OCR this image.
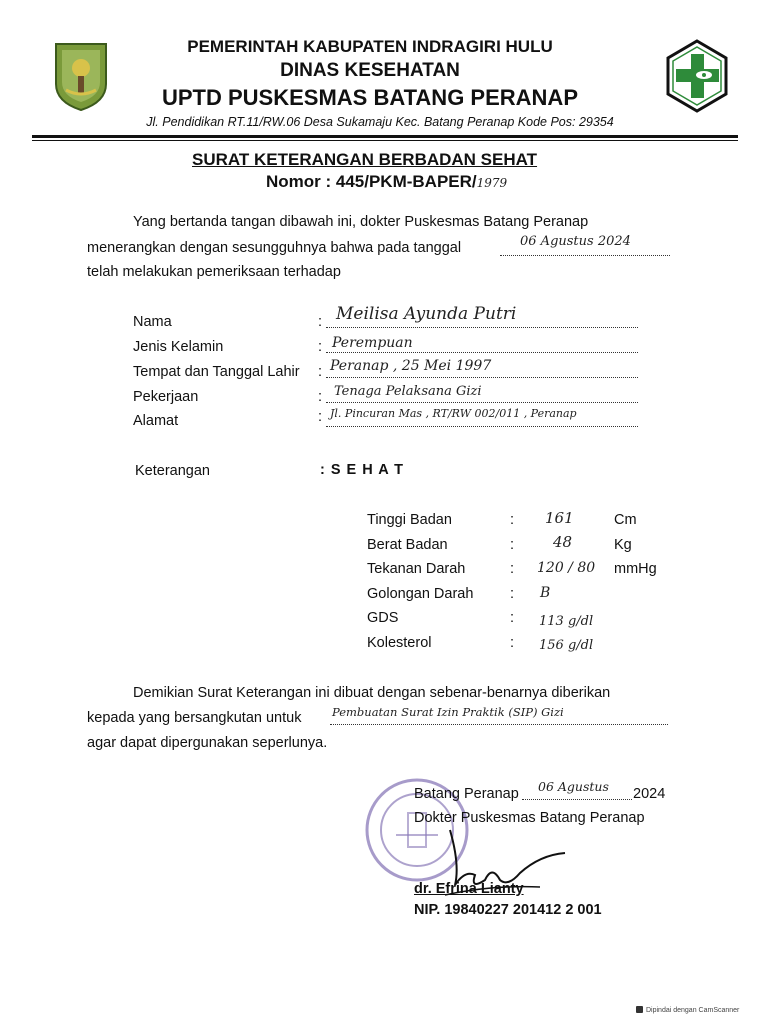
PEMERINTAH KABUPATEN INDRAGIRI HULU
DINAS KESEHATAN
UPTD PUSKESMAS BATANG PERANAP
Jl. Pendidikan RT.11/RW.06 Desa Sukamaju Kec. Batang Peranap Kode Pos: 29354
SURAT KETERANGAN BERBADAN SEHAT
Nomor : 445/PKM-BAPER/1979
Yang bertanda tangan dibawah ini, dokter Puskesmas Batang Peranap
menerangkan dengan sesungguhnya bahwa pada tanggal	06 Agustus 2024
telah melakukan pemeriksaan terhadap
Nama	: Meilisa Ayunda Putri
Jenis Kelamin	: Perempuan
Tempat dan Tanggal Lahir : Peranap , 25 Mei 1997
Pekerjaan	: Tenaga Pelaksana Gizi
Alamat	: Jl. Pincuran Mas , RT/RW 002/011 , Peranap
Keterangan	: S E H A T
Tinggi Badan	: 161	Cm
Berat Badan	:	48	Kg
Tekanan Darah	: 120 / 80 mmHg
Golongan Darah	: B
GDS	: 113 g/dl
Kolesterol	: 156 g/dl
Demikian Surat Keterangan ini dibuat dengan sebenar-benarnya diberikan
kepada yang bersangkutan untuk	Pembuatan Surat Izin Praktik (SIP) Gizi
agar dapat dipergunakan seperlunya.
Batang Peranap 06 Agustus 2024
Dokter Puskesmas Batang Peranap
dr. Efrina Lianty
NIP. 19840227 201412 2 001
Dipindai dengan CamScanner
